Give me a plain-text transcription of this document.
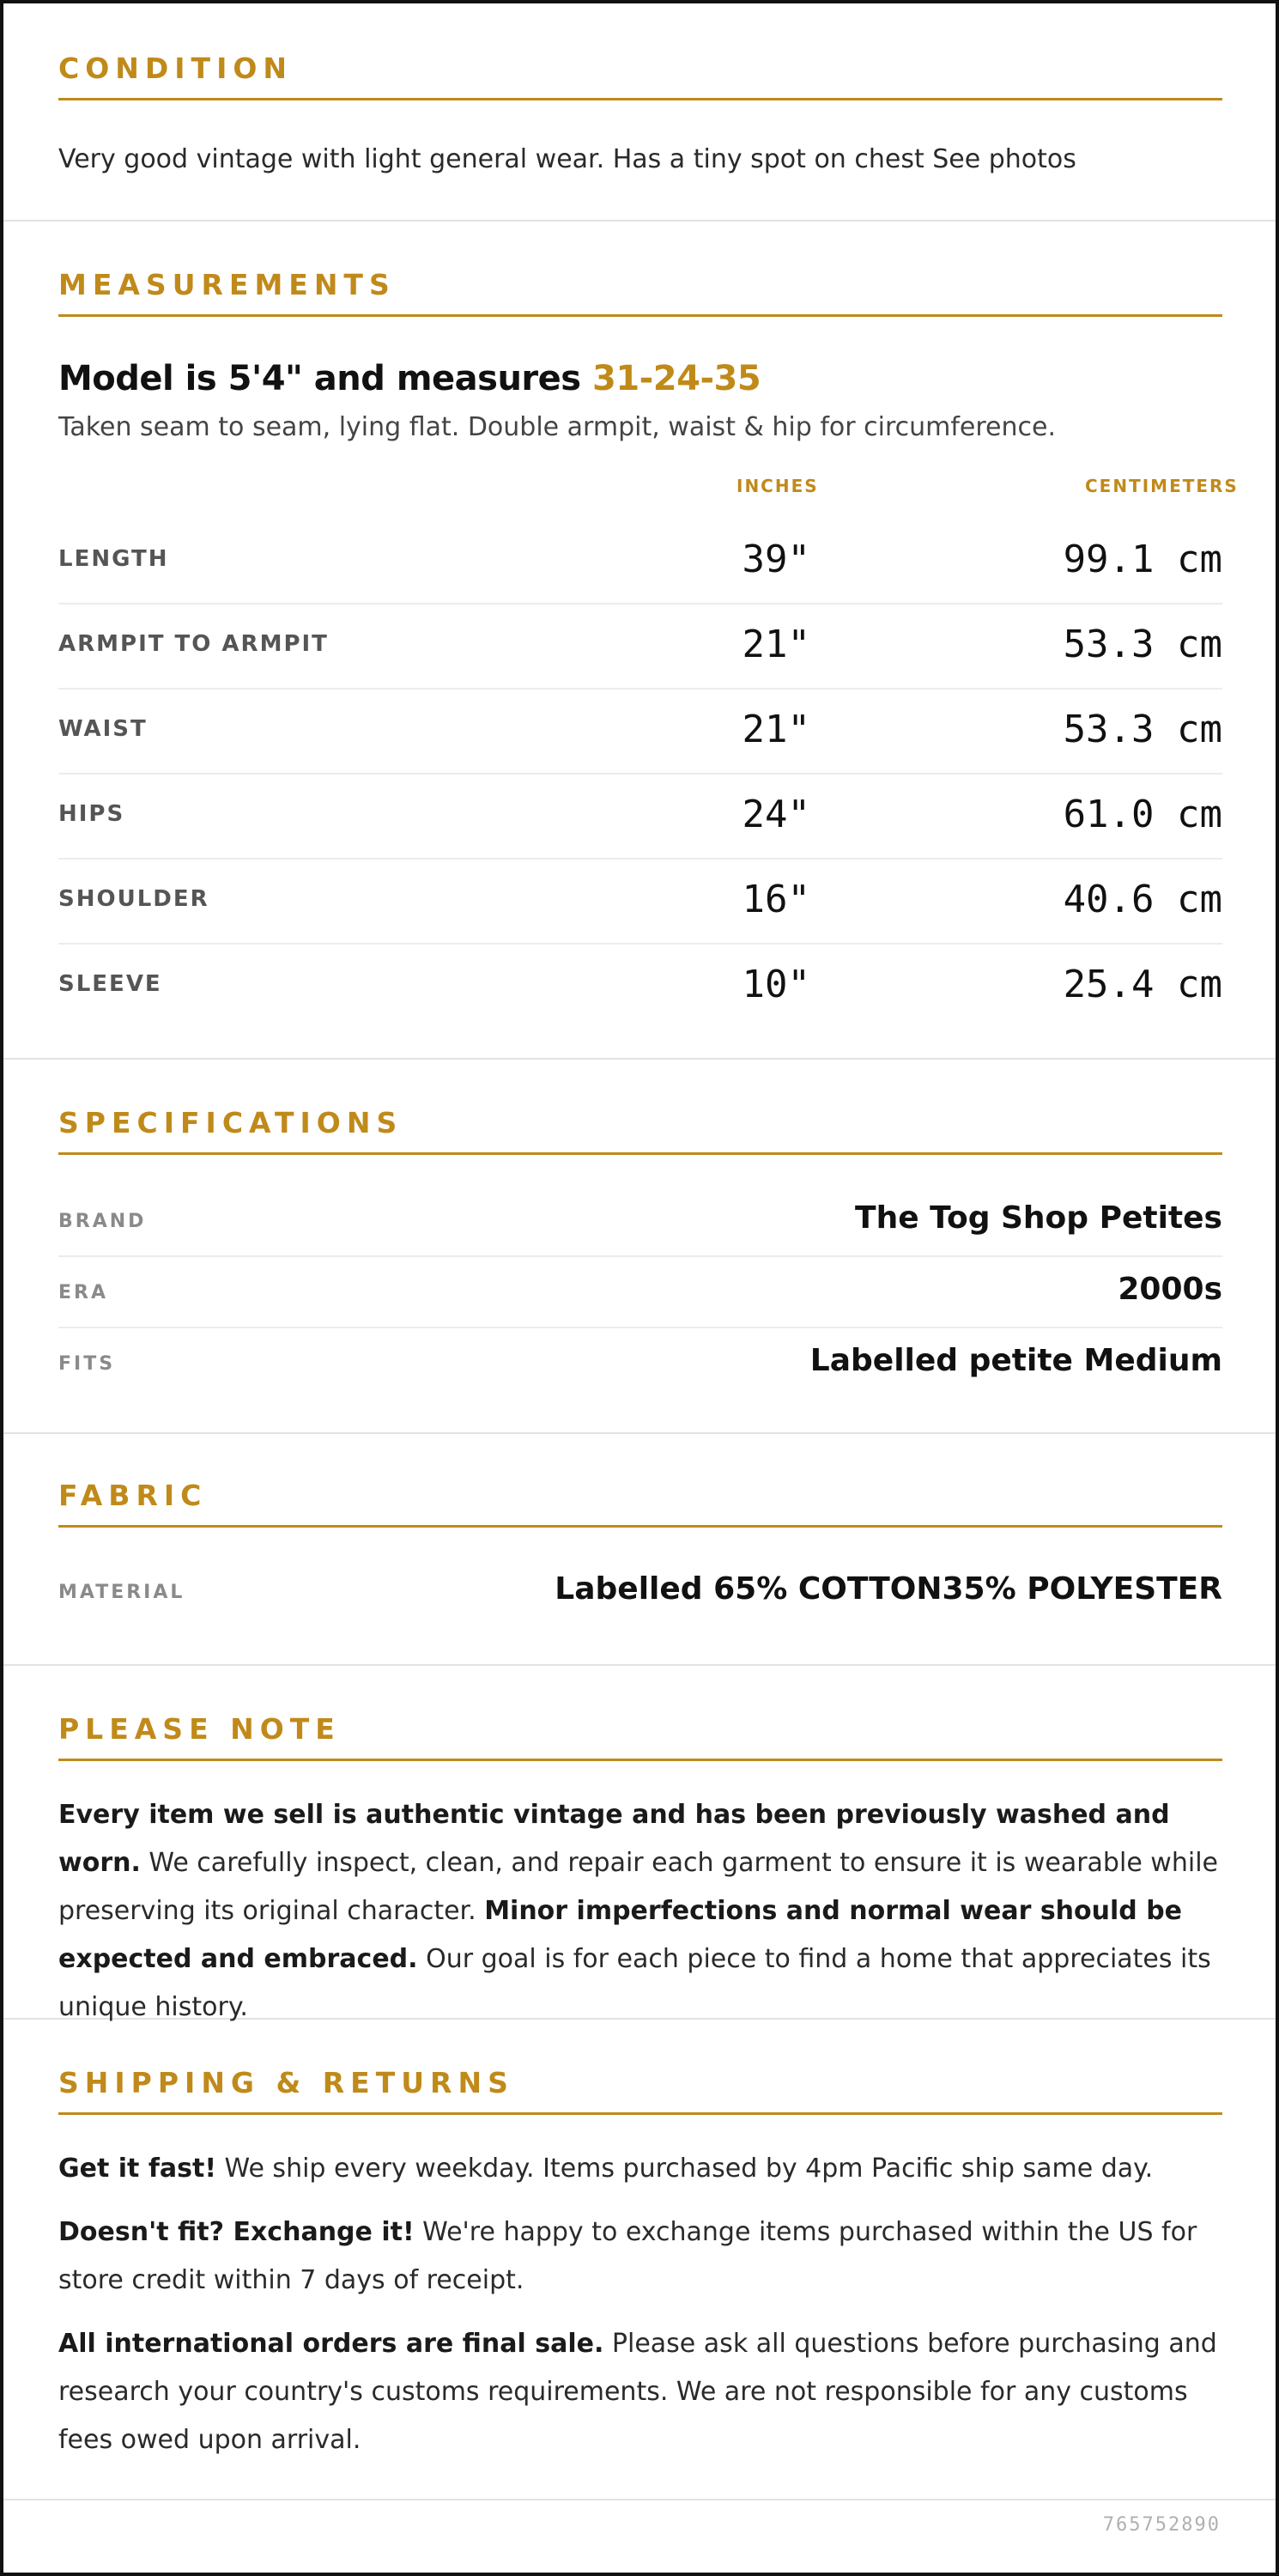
CONDITION
Very good vintage with light general wear. Has a tiny spot on chest See photos
MEASUREMENTS
Model is 5'4" and measures 31-24-35
Taken seam to seam, lying flat. Double armpit, waist & hip for circumference.
INCHES	CENTIMETERS
LENGTH	39"	99.1 cm
ARMPIT TO ARMPIT	21"	53.3 cm
WAIST	21"	53.3 cm
HIPS	24"	61.0 cm
SHOULDER	16"	40.6 cm
SLEEVE	10"	25.4 cm
SPECIFICATIONS
BRAND	The Tog Shop Petites
ERA	2000s
FITS	Labelled petite Medium
FABRIC
MATERIAL	Labelled 65% COTTON35% POLYESTER
PLEASE NOTE
Every item we sell is authentic vintage and has been previously washed and worn. We carefully inspect, clean, and repair each garment to ensure it is wearable while preserving its original character. Minor imperfections and normal wear should be expected and embraced. Our goal is for each piece to find a home that appreciates its unique history.
SHIPPING & RETURNS
Get it fast! We ship every weekday. Items purchased by 4pm Pacific ship same day.
Doesn't fit? Exchange it! We're happy to exchange items purchased within the US for store credit within 7 days of receipt.
All international orders are final sale. Please ask all questions before purchasing and research your country's customs requirements. We are not responsible for any customs fees owed upon arrival.
765752890
